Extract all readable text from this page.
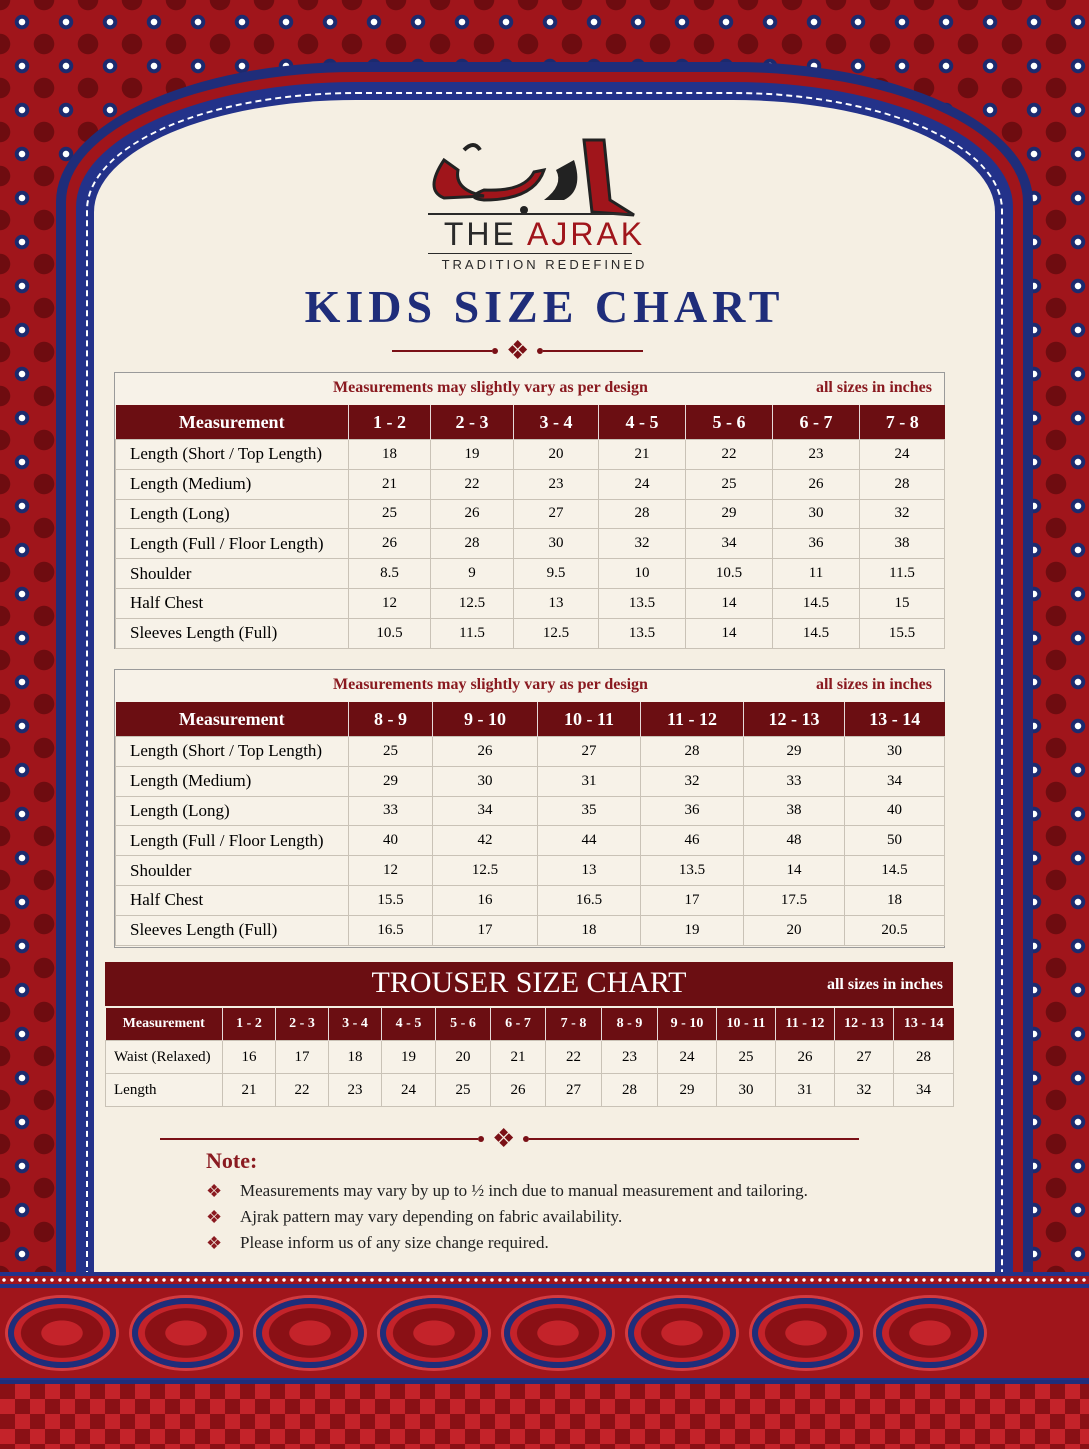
THE AJRAK
TRADITION REDEFINED
KIDS SIZE CHART
❖
Measurements may slightly vary as per design	all sizes in inches
Measurement	1 - 2	2 - 3	3 - 4	4 - 5	5 - 6	6 - 7	7 - 8
Length (Short / Top Length)	18	19	20	21	22	23	24
Length (Medium)	21	22	23	24	25	26	28
Length (Long)	25	26	27	28	29	30	32
Length (Full / Floor Length)	26	28	30	32	34	36	38
Shoulder	8.5	9	9.5	10	10.5	11	11.5
Half Chest	12	12.5	13	13.5	14	14.5	15
Sleeves Length (Full)	10.5	11.5	12.5	13.5	14	14.5	15.5
Measurements may slightly vary as per design	all sizes in inches
Measurement	8 - 9	9 - 10	10 - 11	11 - 12	12 - 13	13 - 14
Length (Short / Top Length)	25	26	27	28	29	30
Length (Medium)	29	30	31	32	33	34
Length (Long)	33	34	35	36	38	40
Length (Full / Floor Length)	40	42	44	46	48	50
Shoulder	12	12.5	13	13.5	14	14.5
Half Chest	15.5	16	16.5	17	17.5	18
Sleeves Length (Full)	16.5	17	18	19	20	20.5
TROUSER SIZE CHART	all sizes in inches
Measurement	1 - 2	2 - 3	3 - 4	4 - 5	5 - 6	6 - 7	7 - 8	8 - 9	9 - 10	10 - 11	11 - 12	12 - 13	13 - 14
Waist (Relaxed)	16	17	18	19	20	21	22	23	24	25	26	27	28
Length	21	22	23	24	25	26	27	28	29	30	31	32	34
❖
Note:
❖	Measurements may vary by up to ½ inch due to manual measurement and tailoring.
❖	Ajrak pattern may vary depending on fabric availability.
❖	Please inform us of any size change required.
